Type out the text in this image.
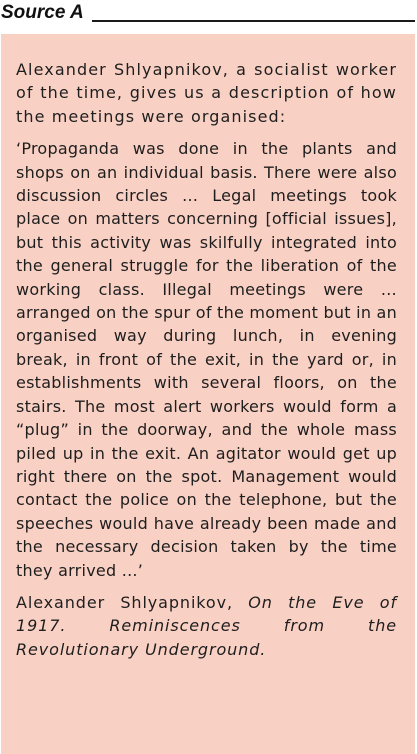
Source A

Alexander Shlyapnikov, a socialist worker of the time, gives us a description of how the meetings were organised:

‘Propaganda was done in the plants and shops on an individual basis. There were also discussion circles … Legal meetings took place on matters concerning [official issues], but this activity was skilfully integrated into the general struggle for the liberation of the working class. Illegal meetings were … arranged on the spur of the moment but in an organised way during lunch, in evening break, in front of the exit, in the yard or, in establishments with several floors, on the stairs. The most alert workers would form a “plug” in the doorway, and the whole mass piled up in the exit. An agitator would get up right there on the spot. Management would contact the police on the telephone, but the speeches would have already been made and the necessary decision taken by the time they arrived ...’

Alexander Shlyapnikov, On the Eve of 1917. Reminiscences from the Revolutionary Underground.
